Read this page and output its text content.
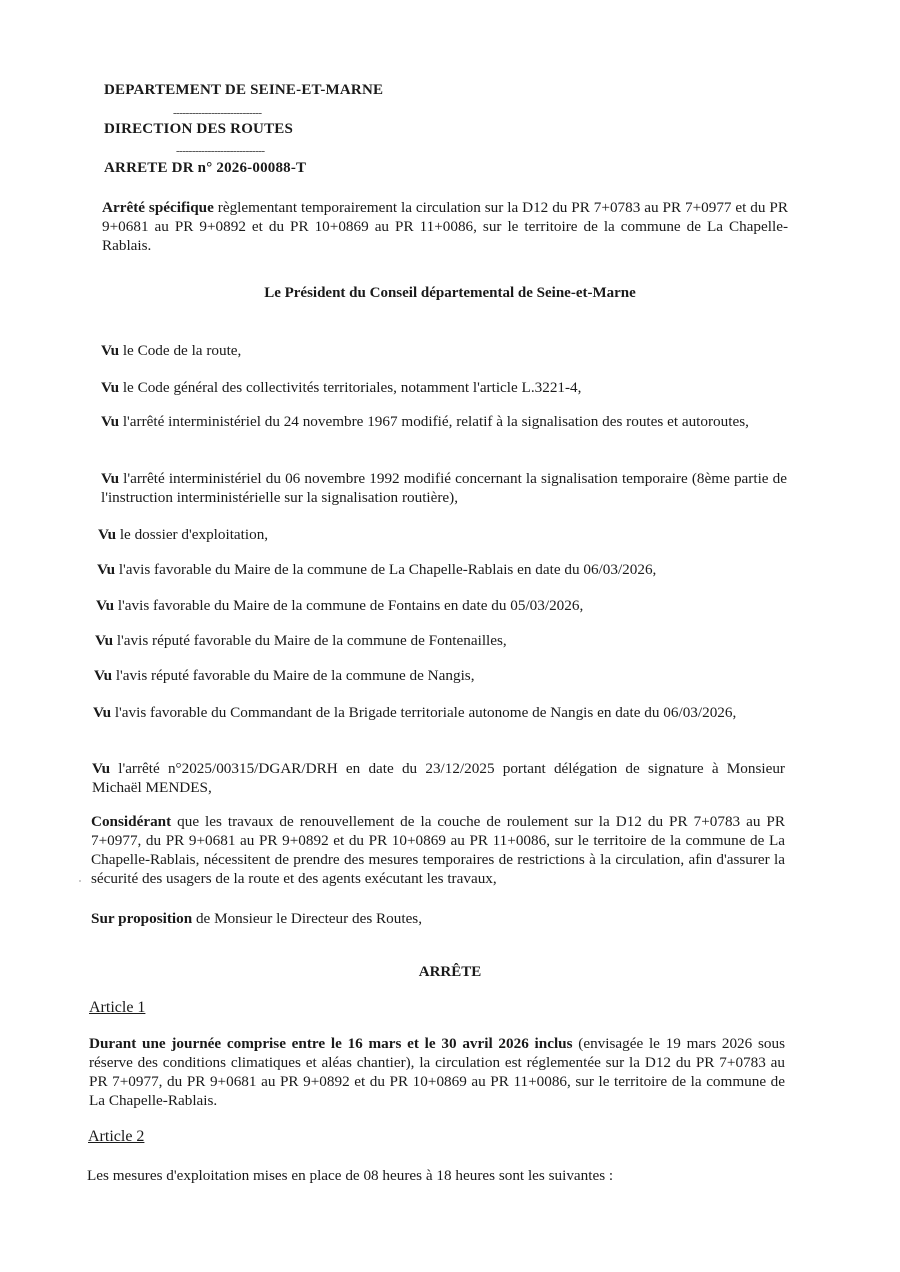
DEPARTEMENT DE SEINE-ET-MARNE
----------------------------
DIRECTION DES ROUTES
----------------------------
ARRETE DR n° 2026-00088-T
Arrêté spécifique règlementant temporairement la circulation sur la D12 du PR 7+0783 au PR 7+0977 et du PR 9+0681 au PR 9+0892 et du PR 10+0869 au PR 11+0086, sur le territoire de la commune de La Chapelle-Rablais.
Le Président du Conseil départemental de Seine-et-Marne
Vu le Code de la route,
Vu le Code général des collectivités territoriales, notamment l'article L.3221-4,
Vu l'arrêté interministériel du 24 novembre 1967 modifié, relatif à la signalisation des routes et autoroutes,
Vu l'arrêté interministériel du 06 novembre 1992 modifié concernant la signalisation temporaire (8ème partie de l'instruction interministérielle sur la signalisation routière),
Vu le dossier d'exploitation,
Vu l'avis favorable du Maire de la commune de La Chapelle-Rablais en date du 06/03/2026,
Vu l'avis favorable du Maire de la commune de Fontains en date du 05/03/2026,
Vu l'avis réputé favorable du Maire de la commune de Fontenailles,
Vu l'avis réputé favorable du Maire de la commune de Nangis,
Vu l'avis favorable du Commandant de la Brigade territoriale autonome de Nangis en date du 06/03/2026,
Vu l'arrêté n°2025/00315/DGAR/DRH en date du 23/12/2025 portant délégation de signature à Monsieur Michaël MENDES,
Considérant que les travaux de renouvellement de la couche de roulement sur la D12 du PR 7+0783 au PR 7+0977, du PR 9+0681 au PR 9+0892 et du PR 10+0869 au PR 11+0086, sur le territoire de la commune de La Chapelle-Rablais, nécessitent de prendre des mesures temporaires de restrictions à la circulation, afin d'assurer la sécurité des usagers de la route et des agents exécutant les travaux,
Sur proposition de Monsieur le Directeur des Routes,
ARRÊTE
Article 1
Durant une journée comprise entre le 16 mars et le 30 avril 2026 inclus (envisagée le 19 mars 2026 sous réserve des conditions climatiques et aléas chantier), la circulation est réglementée sur la D12 du PR 7+0783 au PR 7+0977, du PR 9+0681 au PR 9+0892 et du PR 10+0869 au PR 11+0086, sur le territoire de la commune de La Chapelle-Rablais.
Article 2
Les mesures d'exploitation mises en place de 08 heures à 18 heures sont les suivantes :
